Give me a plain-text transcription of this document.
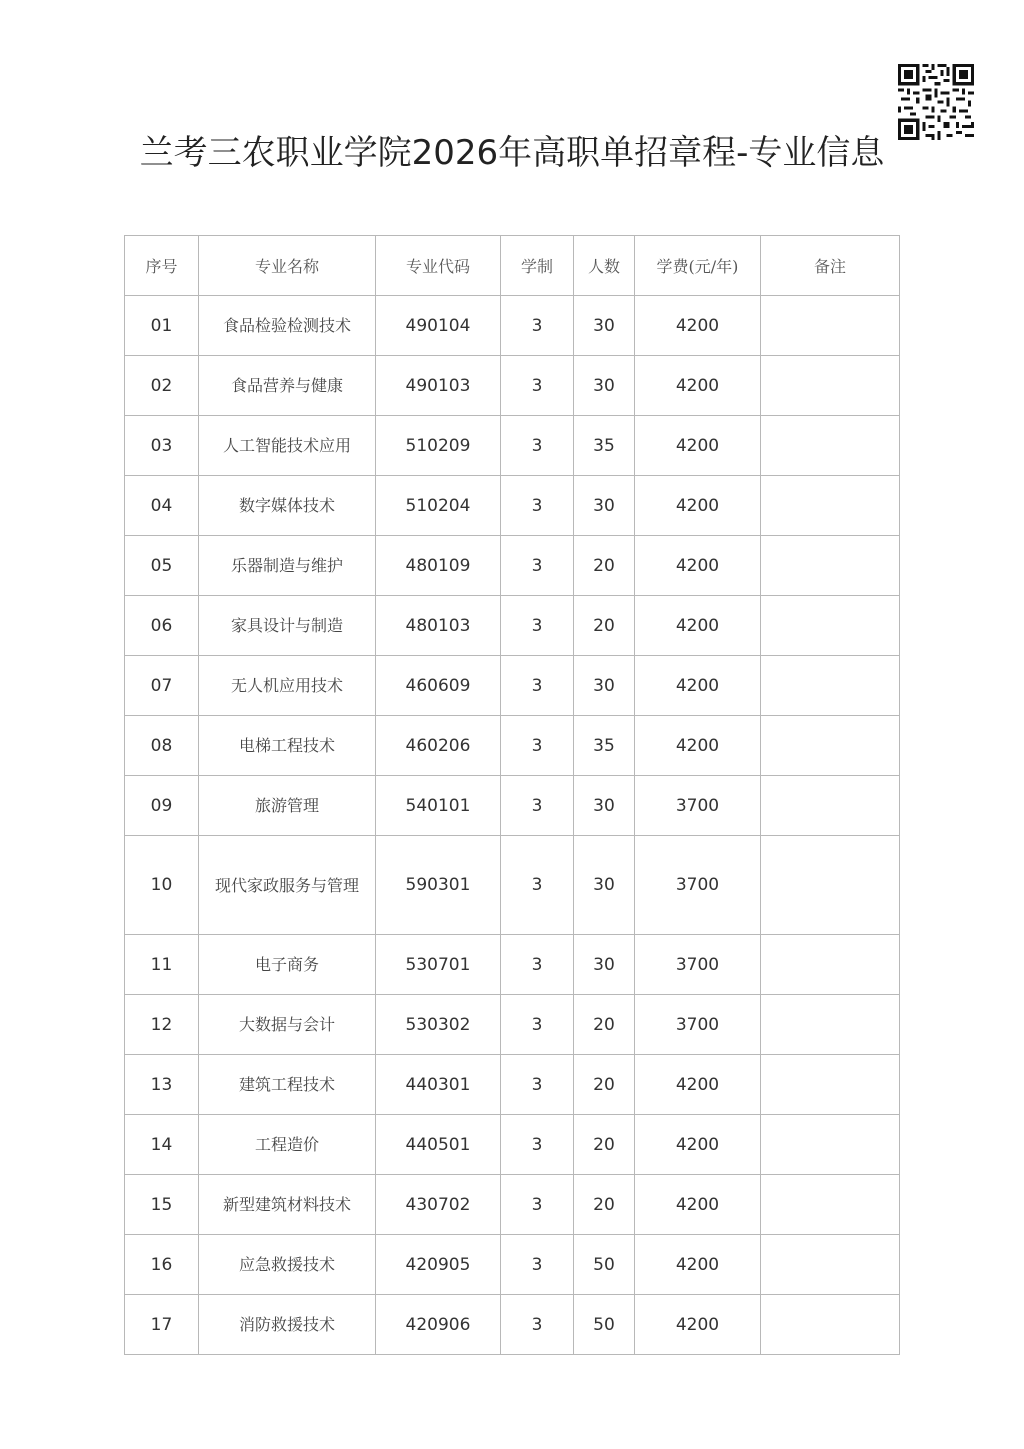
兰考三农职业学院2026年高职单招章程-专业信息
序号	专业名称	专业代码	学制	人数	学费(元/年)	备注
01	食品检验检测技术	490104	3	30	4200	
02	食品营养与健康	490103	3	30	4200	
03	人工智能技术应用	510209	3	35	4200	
04	数字媒体技术	510204	3	30	4200	
05	乐器制造与维护	480109	3	20	4200	
06	家具设计与制造	480103	3	20	4200	
07	无人机应用技术	460609	3	30	4200	
08	电梯工程技术	460206	3	35	4200	
09	旅游管理	540101	3	30	3700	
10	现代家政服务与管理	590301	3	30	3700	
11	电子商务	530701	3	30	3700	
12	大数据与会计	530302	3	20	3700	
13	建筑工程技术	440301	3	20	4200	
14	工程造价	440501	3	20	4200	
15	新型建筑材料技术	430702	3	20	4200	
16	应急救援技术	420905	3	50	4200	
17	消防救援技术	420906	3	50	4200	
